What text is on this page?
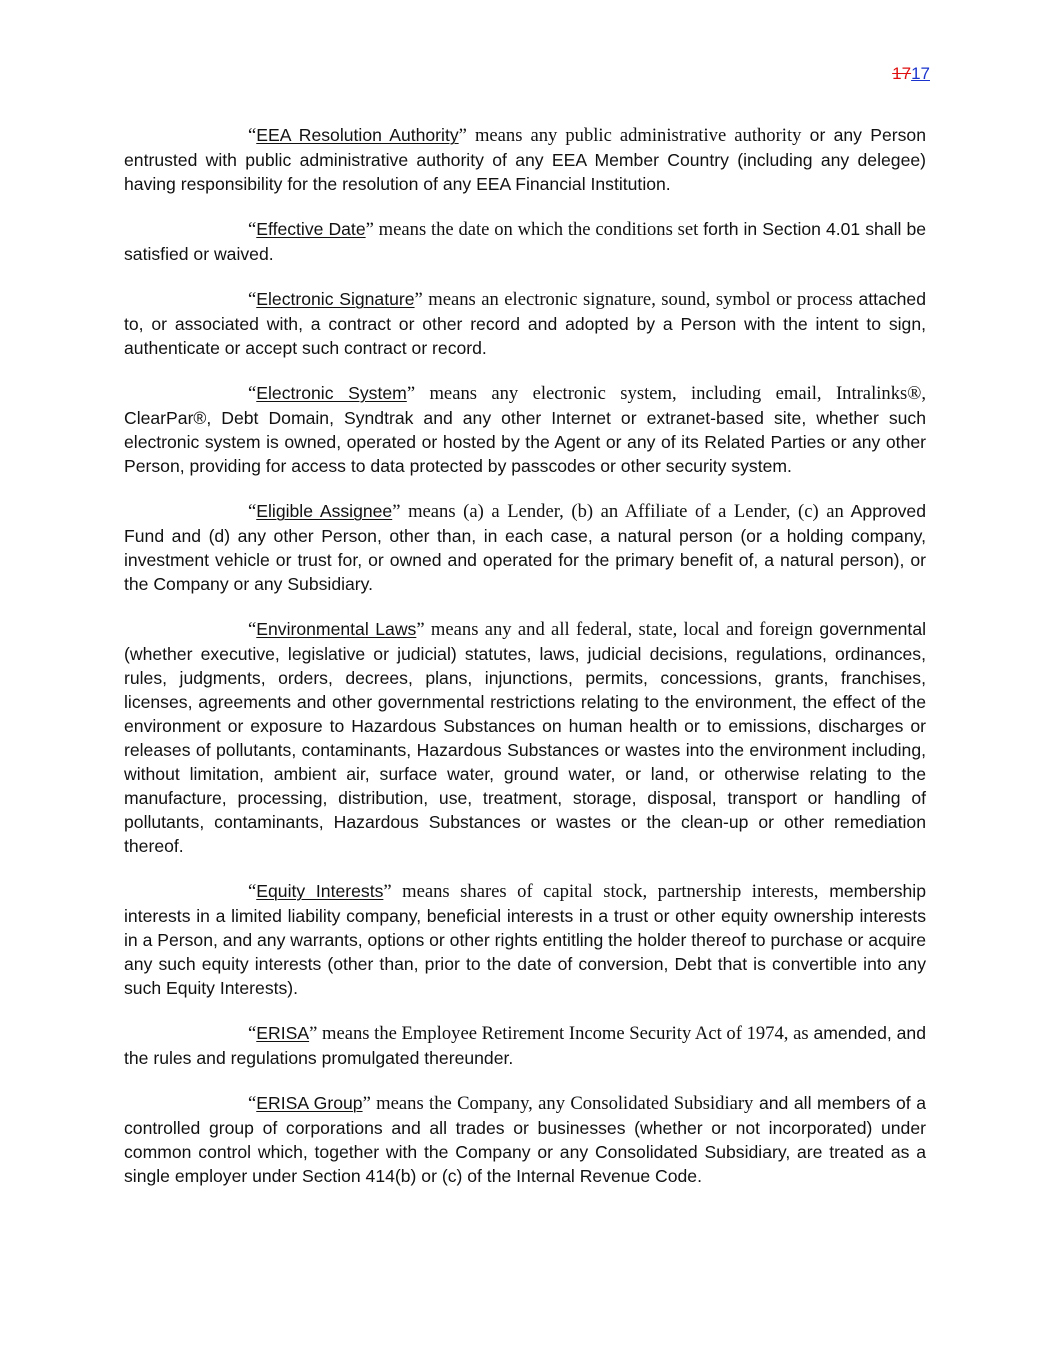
1717

“EEA Resolution Authority” means any public administrative authority or any Person entrusted with public administrative authority of any EEA Member Country (including any delegee) having responsibility for the resolution of any EEA Financial Institution.

“Effective Date” means the date on which the conditions set forth in Section 4.01 shall be satisfied or waived.

“Electronic Signature” means an electronic signature, sound, symbol or process attached to, or associated with, a contract or other record and adopted by a Person with the intent to sign, authenticate or accept such contract or record.

“Electronic System” means any electronic system, including email, Intralinks®, ClearPar®, Debt Domain, Syndtrak and any other Internet or extranet-based site, whether such electronic system is owned, operated or hosted by the Agent or any of its Related Parties or any other Person, providing for access to data protected by passcodes or other security system.

“Eligible Assignee” means (a) a Lender, (b) an Affiliate of a Lender, (c) an Approved Fund and (d) any other Person, other than, in each case, a natural person (or a holding company, investment vehicle or trust for, or owned and operated for the primary benefit of, a natural person), or the Company or any Subsidiary.

“Environmental Laws” means any and all federal, state, local and foreign governmental (whether executive, legislative or judicial) statutes, laws, judicial decisions, regulations, ordinances, rules, judgments, orders, decrees, plans, injunctions, permits, concessions, grants, franchises, licenses, agreements and other governmental restrictions relating to the environment, the effect of the environment or exposure to Hazardous Substances on human health or to emissions, discharges or releases of pollutants, contaminants, Hazardous Substances or wastes into the environment including, without limitation, ambient air, surface water, ground water, or land, or otherwise relating to the manufacture, processing, distribution, use, treatment, storage, disposal, transport or handling of pollutants, contaminants, Hazardous Substances or wastes or the clean-up or other remediation thereof.

“Equity Interests” means shares of capital stock, partnership interests, membership interests in a limited liability company, beneficial interests in a trust or other equity ownership interests in a Person, and any warrants, options or other rights entitling the holder thereof to purchase or acquire any such equity interests (other than, prior to the date of conversion, Debt that is convertible into any such Equity Interests).

“ERISA” means the Employee Retirement Income Security Act of 1974, as amended, and the rules and regulations promulgated thereunder.

“ERISA Group” means the Company, any Consolidated Subsidiary and all members of a controlled group of corporations and all trades or businesses (whether or not incorporated) under common control which, together with the Company or any Consolidated Subsidiary, are treated as a single employer under Section 414(b) or (c) of the Internal Revenue Code.
